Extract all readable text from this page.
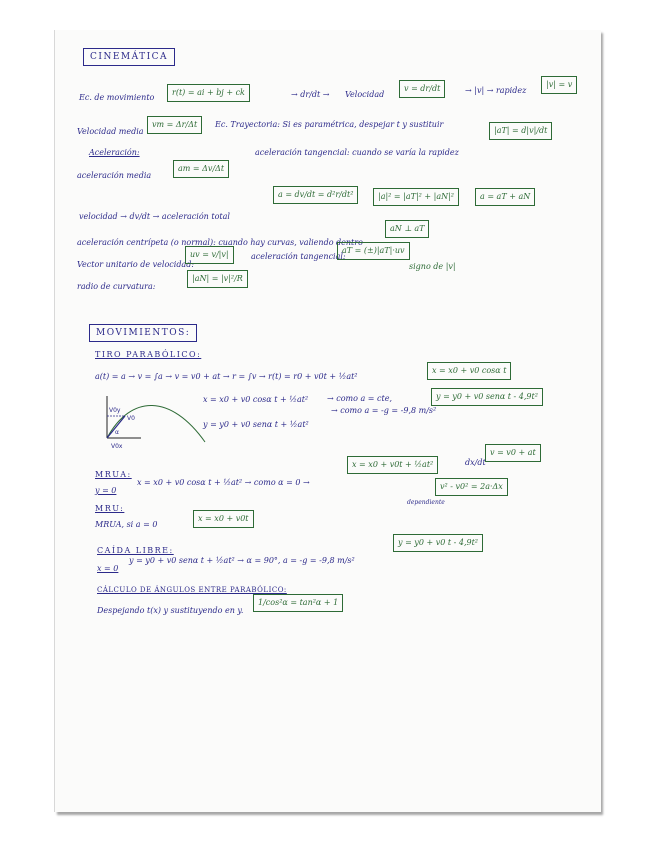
CINEMÁTICA
Ec. de movimiento
r(t) = ai + bj + ck	→ dr/dt → Velocidad
v = dr/dt	→ |v| → rapidez
|v| = v
Velocidad media
vm = Δr/Δt	Ec. Trayectoria: Si es paramétrica, despejar t y sustituir
Aceleración:
aceleración media
am = Δv/Δt
aceleración tangencial: cuando se varía la rapidez
|aT| = d|v|/dt
velocidad → dv/dt → aceleración total
a = dv/dt = d²r/dt²	|a|² = |aT|² + |aN|²	a = aT + aN
aceleración centrípeta (o normal): cuando hay curvas, valiendo dentro
aN ⊥ aT
Vector unitario de velocidad:
uv = v/|v|	aceleración tangencial:
aT = (±)|aT|·uv
signo de |v|
radio de curvatura:
|aN| = |v|²/R
MOVIMIENTOS:
TIRO PARABÓLICO:
a(t) = a → v = ∫a → v = v0 + at → r = ∫v → r(t) = r0 + v0t + ½at²
x = x0 + v0 cosα t + ½at² → como a = cte,
x = x0 + v0 cosα t
y = y0 + v0 senα t + ½at²
→ como a = -g = -9,8 m/s²
y = y0 + v0 senα t - 4,9t²
V0y
V0
V0x
α
MRUA:
y = 0
x = x0 + v0 cosα t + ½at² → como α = 0 →
x = x0 + v0t + ½at²	dx/dt
v = v0 + at
v² - v0² = 2a·Δx
dependiente
MRU:
MRUA, si a = 0
x = x0 + v0t
CAÍDA LIBRE:
x = 0
y = y0 + v0 senα t + ½at² → α = 90°, a = -g = -9,8 m/s²
y = y0 + v0 t - 4,9t²
CÁLCULO DE ÁNGULOS ENTRE PARABÓLICO:
Despejando t(x) y sustituyendo en y.
1/cos²α = tan²α + 1
